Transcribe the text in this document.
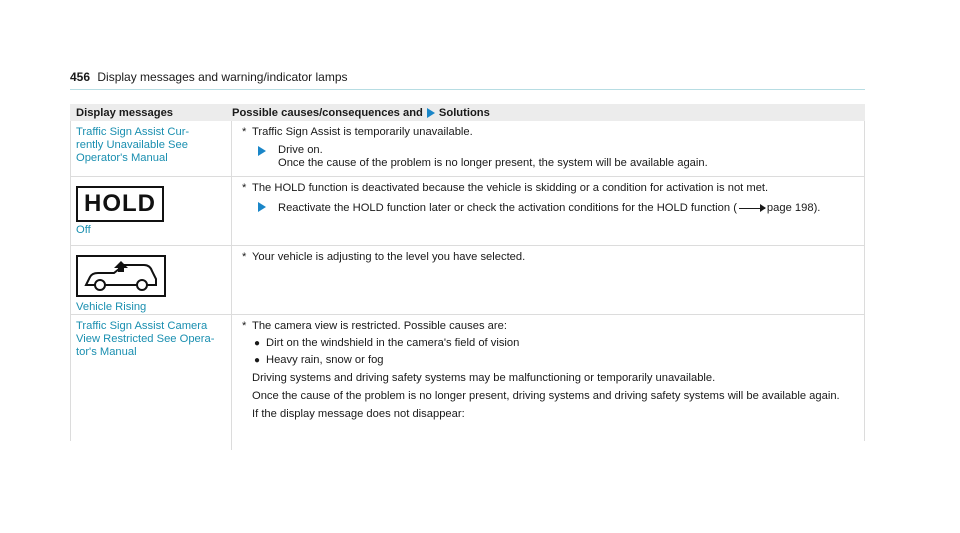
456 Display messages and warning/indicator lamps
Display messages	Possible causes/consequences and Solutions
Traffic Sign Assist Cur-
rently Unavailable See
Operator's Manual
* Traffic Sign Assist is temporarily unavailable.
Drive on.
Once the cause of the problem is no longer present, the system will be available again.
HOLD
Off
* The HOLD function is deactivated because the vehicle is skidding or a condition for activation is not met.
Reactivate the HOLD function later or check the activation conditions for the HOLD function (	page 198).
Vehicle Rising
* Your vehicle is adjusting to the level you have selected.
Traffic Sign Assist Camera
View Restricted See Opera-
tor's Manual
* The camera view is restricted. Possible causes are:
● Dirt on the windshield in the camera's field of vision
● Heavy rain, snow or fog
Driving systems and driving safety systems may be malfunctioning or temporarily unavailable.
Once the cause of the problem is no longer present, driving systems and driving safety systems will be available again.
If the display message does not disappear:
